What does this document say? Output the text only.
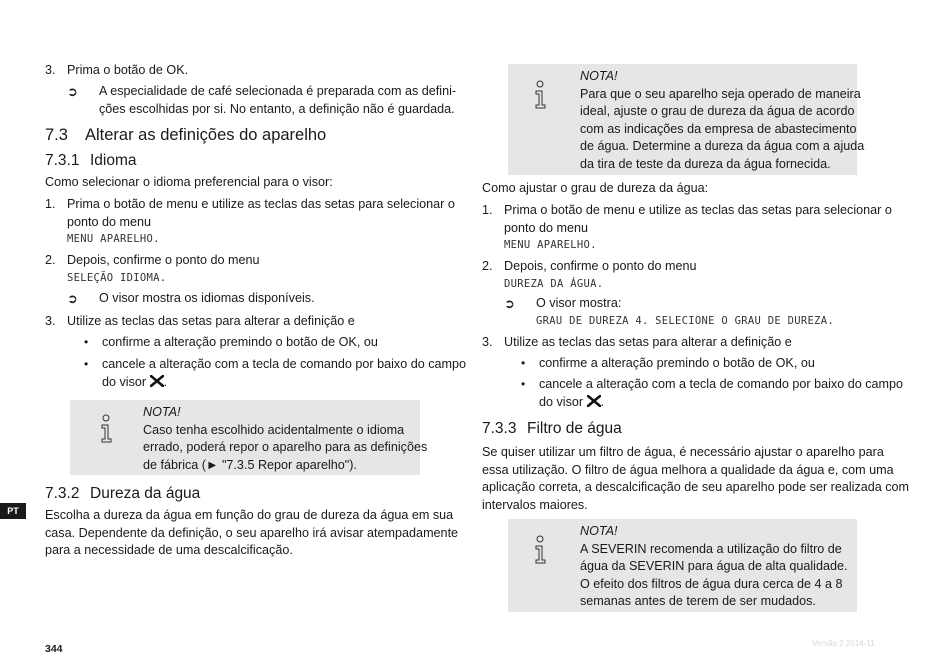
3. Prima o botão de OK.
➲ A especialidade de café selecionada é preparada com as defini-
ções escolhidas por si. No entanto, a definição não é guardada.
7.3 Alterar as definições do aparelho
7.3.1 Idioma
Como selecionar o idioma preferencial para o visor:
1. Prima o botão de menu e utilize as teclas das setas para selecionar o
ponto do menu
MENU APARELHO.
2. Depois, confirme o ponto do menu
SELEÇÃO IDIOMA.
➲ O visor mostra os idiomas disponíveis.
3. Utilize as teclas das setas para alterar a definição e
• confirme a alteração premindo o botão de OK, ou
• cancele a alteração com a tecla de comando por baixo do campo
do visor .
NOTA!
Caso tenha escolhido acidentalmente o idioma
errado, poderá repor o aparelho para as definições
de fábrica (► "7.3.5 Repor aparelho").
7.3.2 Dureza da água
Escolha a dureza da água em função do grau de dureza da água em sua
casa. Dependente da definição, o seu aparelho irá avisar atempadamente
para a necessidade de uma descalcificação.
NOTA!
Para que o seu aparelho seja operado de maneira
ideal, ajuste o grau de dureza da água de acordo
com as indicações da empresa de abastecimento
de água. Determine a dureza da água com a ajuda
da tira de teste da dureza da água fornecida.
Como ajustar o grau de dureza da água:
1. Prima o botão de menu e utilize as teclas das setas para selecionar o
ponto do menu
MENU APARELHO.
2. Depois, confirme o ponto do menu
DUREZA DA ÁGUA.
➲ O visor mostra:
GRAU DE DUREZA 4. SELECIONE O GRAU DE DUREZA.
3. Utilize as teclas das setas para alterar a definição e
• confirme a alteração premindo o botão de OK, ou
• cancele a alteração com a tecla de comando por baixo do campo
do visor .
7.3.3 Filtro de água
Se quiser utilizar um filtro de água, é necessário ajustar o aparelho para
essa utilização. O filtro de água melhora a qualidade da água e, com uma
aplicação correta, a descalcificação de seu aparelho pode ser realizada com
intervalos maiores.
NOTA!
A SEVERIN recomenda a utilização do filtro de
água da SEVERIN para água de alta qualidade.
O efeito dos filtros de água dura cerca de 4 a 8
semanas antes de terem de ser mudados.
PT
344	Versão 2 2014-11
